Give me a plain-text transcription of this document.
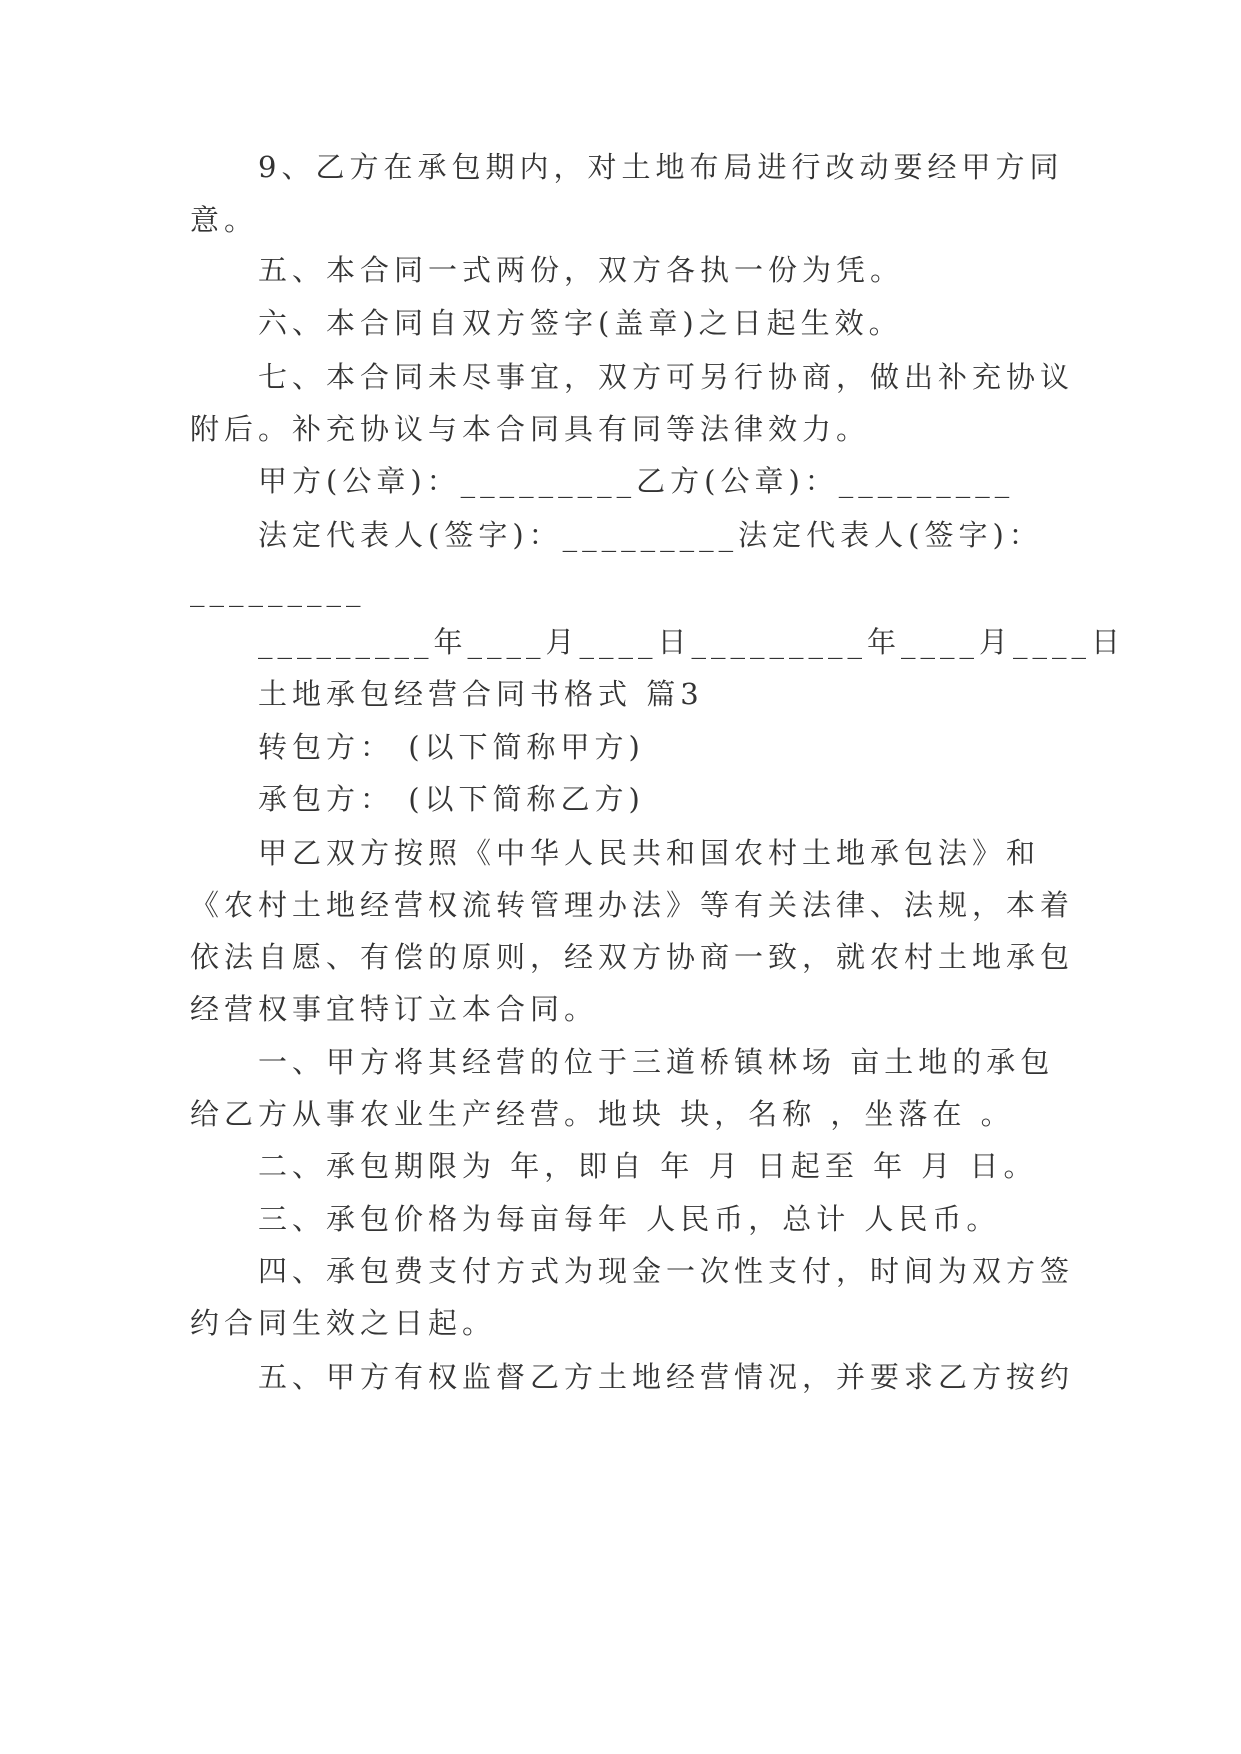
9、乙方在承包期内，对土地布局进行改动要经甲方同
意。
五、本合同一式两份，双方各执一份为凭。
六、本合同自双方签字(盖章)之日起生效。
七、本合同未尽事宜，双方可另行协商，做出补充协议
附后。补充协议与本合同具有同等法律效力。
甲方(公章)：_________乙方(公章)：_________
法定代表人(签字)：_________法定代表人(签字)：
_________
_________年____月____日_________年____月____日
土地承包经营合同书格式 篇3
转包方： (以下简称甲方)
承包方： (以下简称乙方)
甲乙双方按照《中华人民共和国农村土地承包法》和
《农村土地经营权流转管理办法》等有关法律、法规，本着
依法自愿、有偿的原则，经双方协商一致，就农村土地承包
经营权事宜特订立本合同。
一、甲方将其经营的位于三道桥镇林场 亩土地的承包
给乙方从事农业生产经营。地块 块，名称 ，坐落在 。
二、承包期限为 年，即自 年 月 日起至 年 月 日。
三、承包价格为每亩每年 人民币，总计 人民币。
四、承包费支付方式为现金一次性支付，时间为双方签
约合同生效之日起。
五、甲方有权监督乙方土地经营情况，并要求乙方按约
